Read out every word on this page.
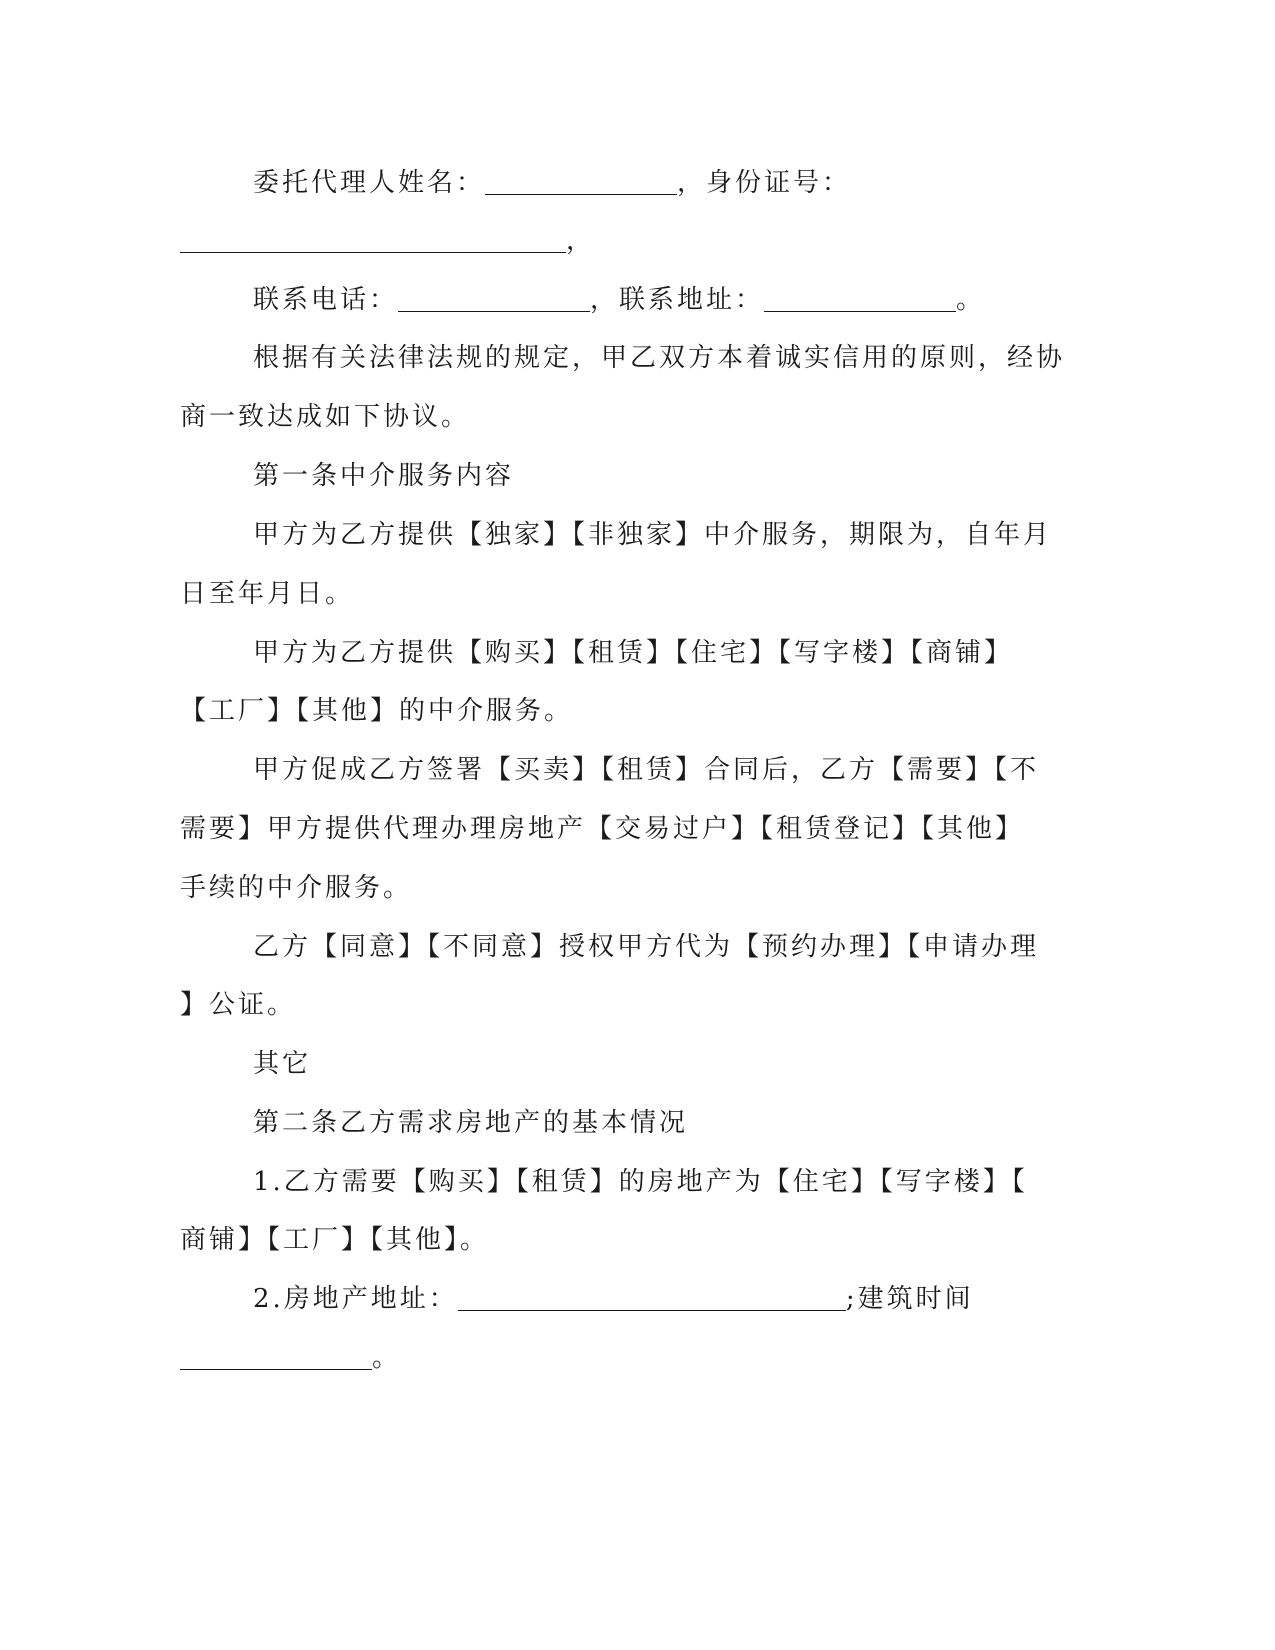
委托代理人姓名：	，身份证号：
，
联系电话：	，联系地址：	。
根据有关法律法规的规定，甲乙双方本着诚实信用的原则，经协
商一致达成如下协议。
第一条中介服务内容
甲方为乙方提供【独家】【非独家】中介服务，期限为，自年月
日至年月日。
甲方为乙方提供【购买】【租赁】【住宅】【写字楼】【商铺】
【工厂】【其他】的中介服务。
甲方促成乙方签署【买卖】【租赁】合同后，乙方【需要】【不
需要】甲方提供代理办理房地产【交易过户】【租赁登记】【其他】
手续的中介服务。
乙方【同意】【不同意】授权甲方代为【预约办理】【申请办理
】公证。
其它
第二条乙方需求房地产的基本情况
1.乙方需要【购买】【租赁】的房地产为【住宅】【写字楼】【
商铺】【工厂】【其他】。
2.房地产地址：	;建筑时间
。
